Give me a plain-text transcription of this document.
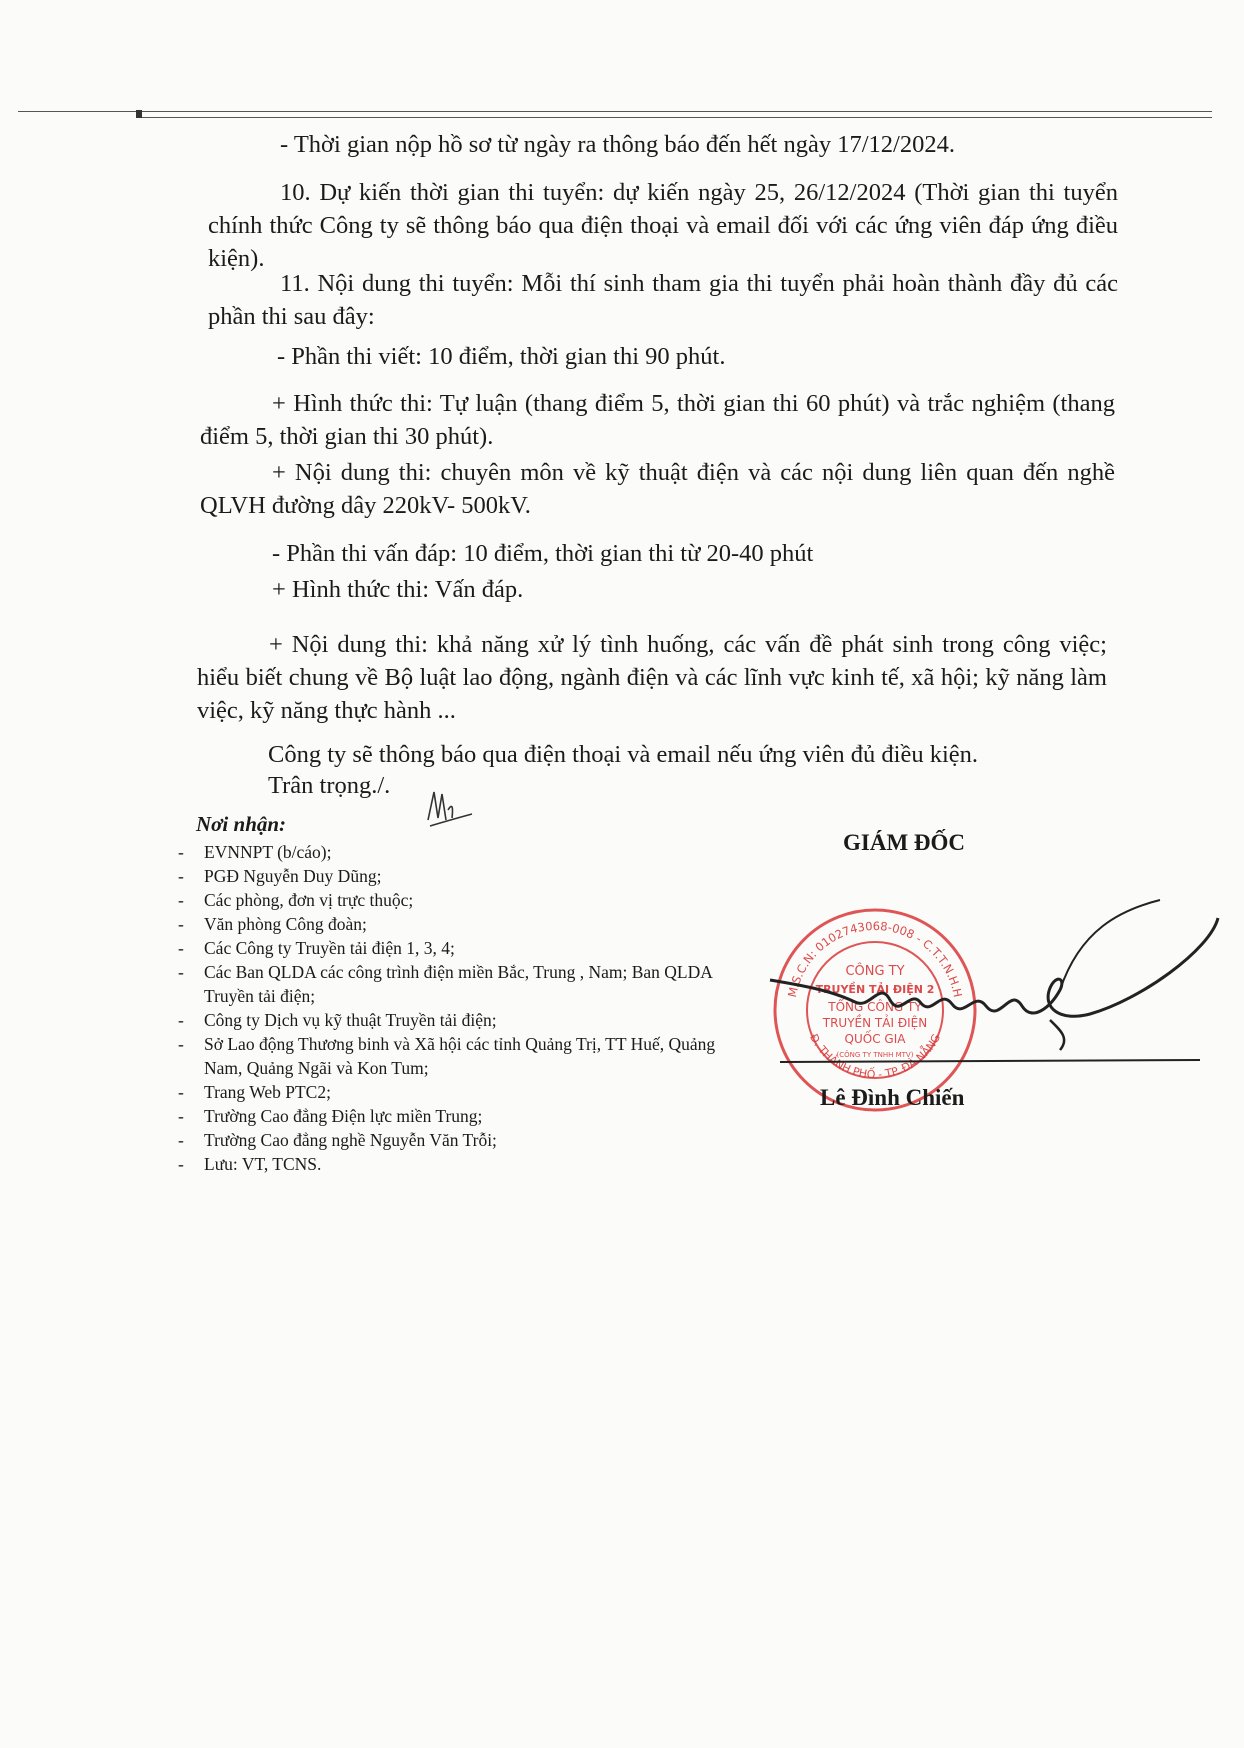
- Thời gian nộp hồ sơ từ ngày ra thông báo đến hết ngày 17/12/2024.

10. Dự kiến thời gian thi tuyển: dự kiến ngày 25, 26/12/2024 (Thời gian thi tuyển chính thức Công ty sẽ thông báo qua điện thoại và email đối với các ứng viên đáp ứng điều kiện).

11. Nội dung thi tuyển: Mỗi thí sinh tham gia thi tuyển phải hoàn thành đầy đủ các phần thi sau đây:

- Phần thi viết: 10 điểm, thời gian thi 90 phút.

+ Hình thức thi: Tự luận (thang điểm 5, thời gian thi 60 phút) và trắc nghiệm (thang điểm 5, thời gian thi 30 phút).

+ Nội dung thi: chuyên môn về kỹ thuật điện và các nội dung liên quan đến nghề QLVH đường dây 220kV- 500kV.

- Phần thi vấn đáp: 10 điểm, thời gian thi từ 20-40 phút
+ Hình thức thi: Vấn đáp.

+ Nội dung thi: khả năng xử lý tình huống, các vấn đề phát sinh trong công việc; hiểu biết chung về Bộ luật lao động, ngành điện và các lĩnh vực kinh tế, xã hội; kỹ năng làm việc, kỹ năng thực hành ...

Công ty sẽ thông báo qua điện thoại và email nếu ứng viên đủ điều kiện.
Trân trọng./.
Nơi nhận:
- EVNNPT (b/cáo);
- PGĐ Nguyễn Duy Dũng;
- Các phòng, đơn vị trực thuộc;
- Văn phòng Công đoàn;
- Các Công ty Truyền tải điện 1, 3, 4;
- Các Ban QLDA các công trình điện miền Bắc, Trung , Nam; Ban QLDA Truyền tải điện;
- Công ty Dịch vụ kỹ thuật Truyền tải điện;
- Sở Lao động Thương binh và Xã hội các tỉnh Quảng Trị, TT Huế, Quảng Nam, Quảng Ngãi và Kon Tum;
- Trang Web PTC2;
- Trường Cao đẳng Điện lực miền Trung;
- Trường Cao đẳng nghề Nguyễn Văn Trỗi;
- Lưu: VT, TCNS.
GIÁM ĐỐC
M.S.C.N: 0102743068-008 - C.T.T.N.H.H
Đ. THÀNH PHỐ - TP. ĐÀ NẴNG
CÔNG TY
TRUYỀN TẢI ĐIỆN 2
TỔNG CÔNG TY
TRUYỀN TẢI ĐIỆN
QUỐC GIA
(CÔNG TY TNHH MTV)
Lê Đình Chiến
